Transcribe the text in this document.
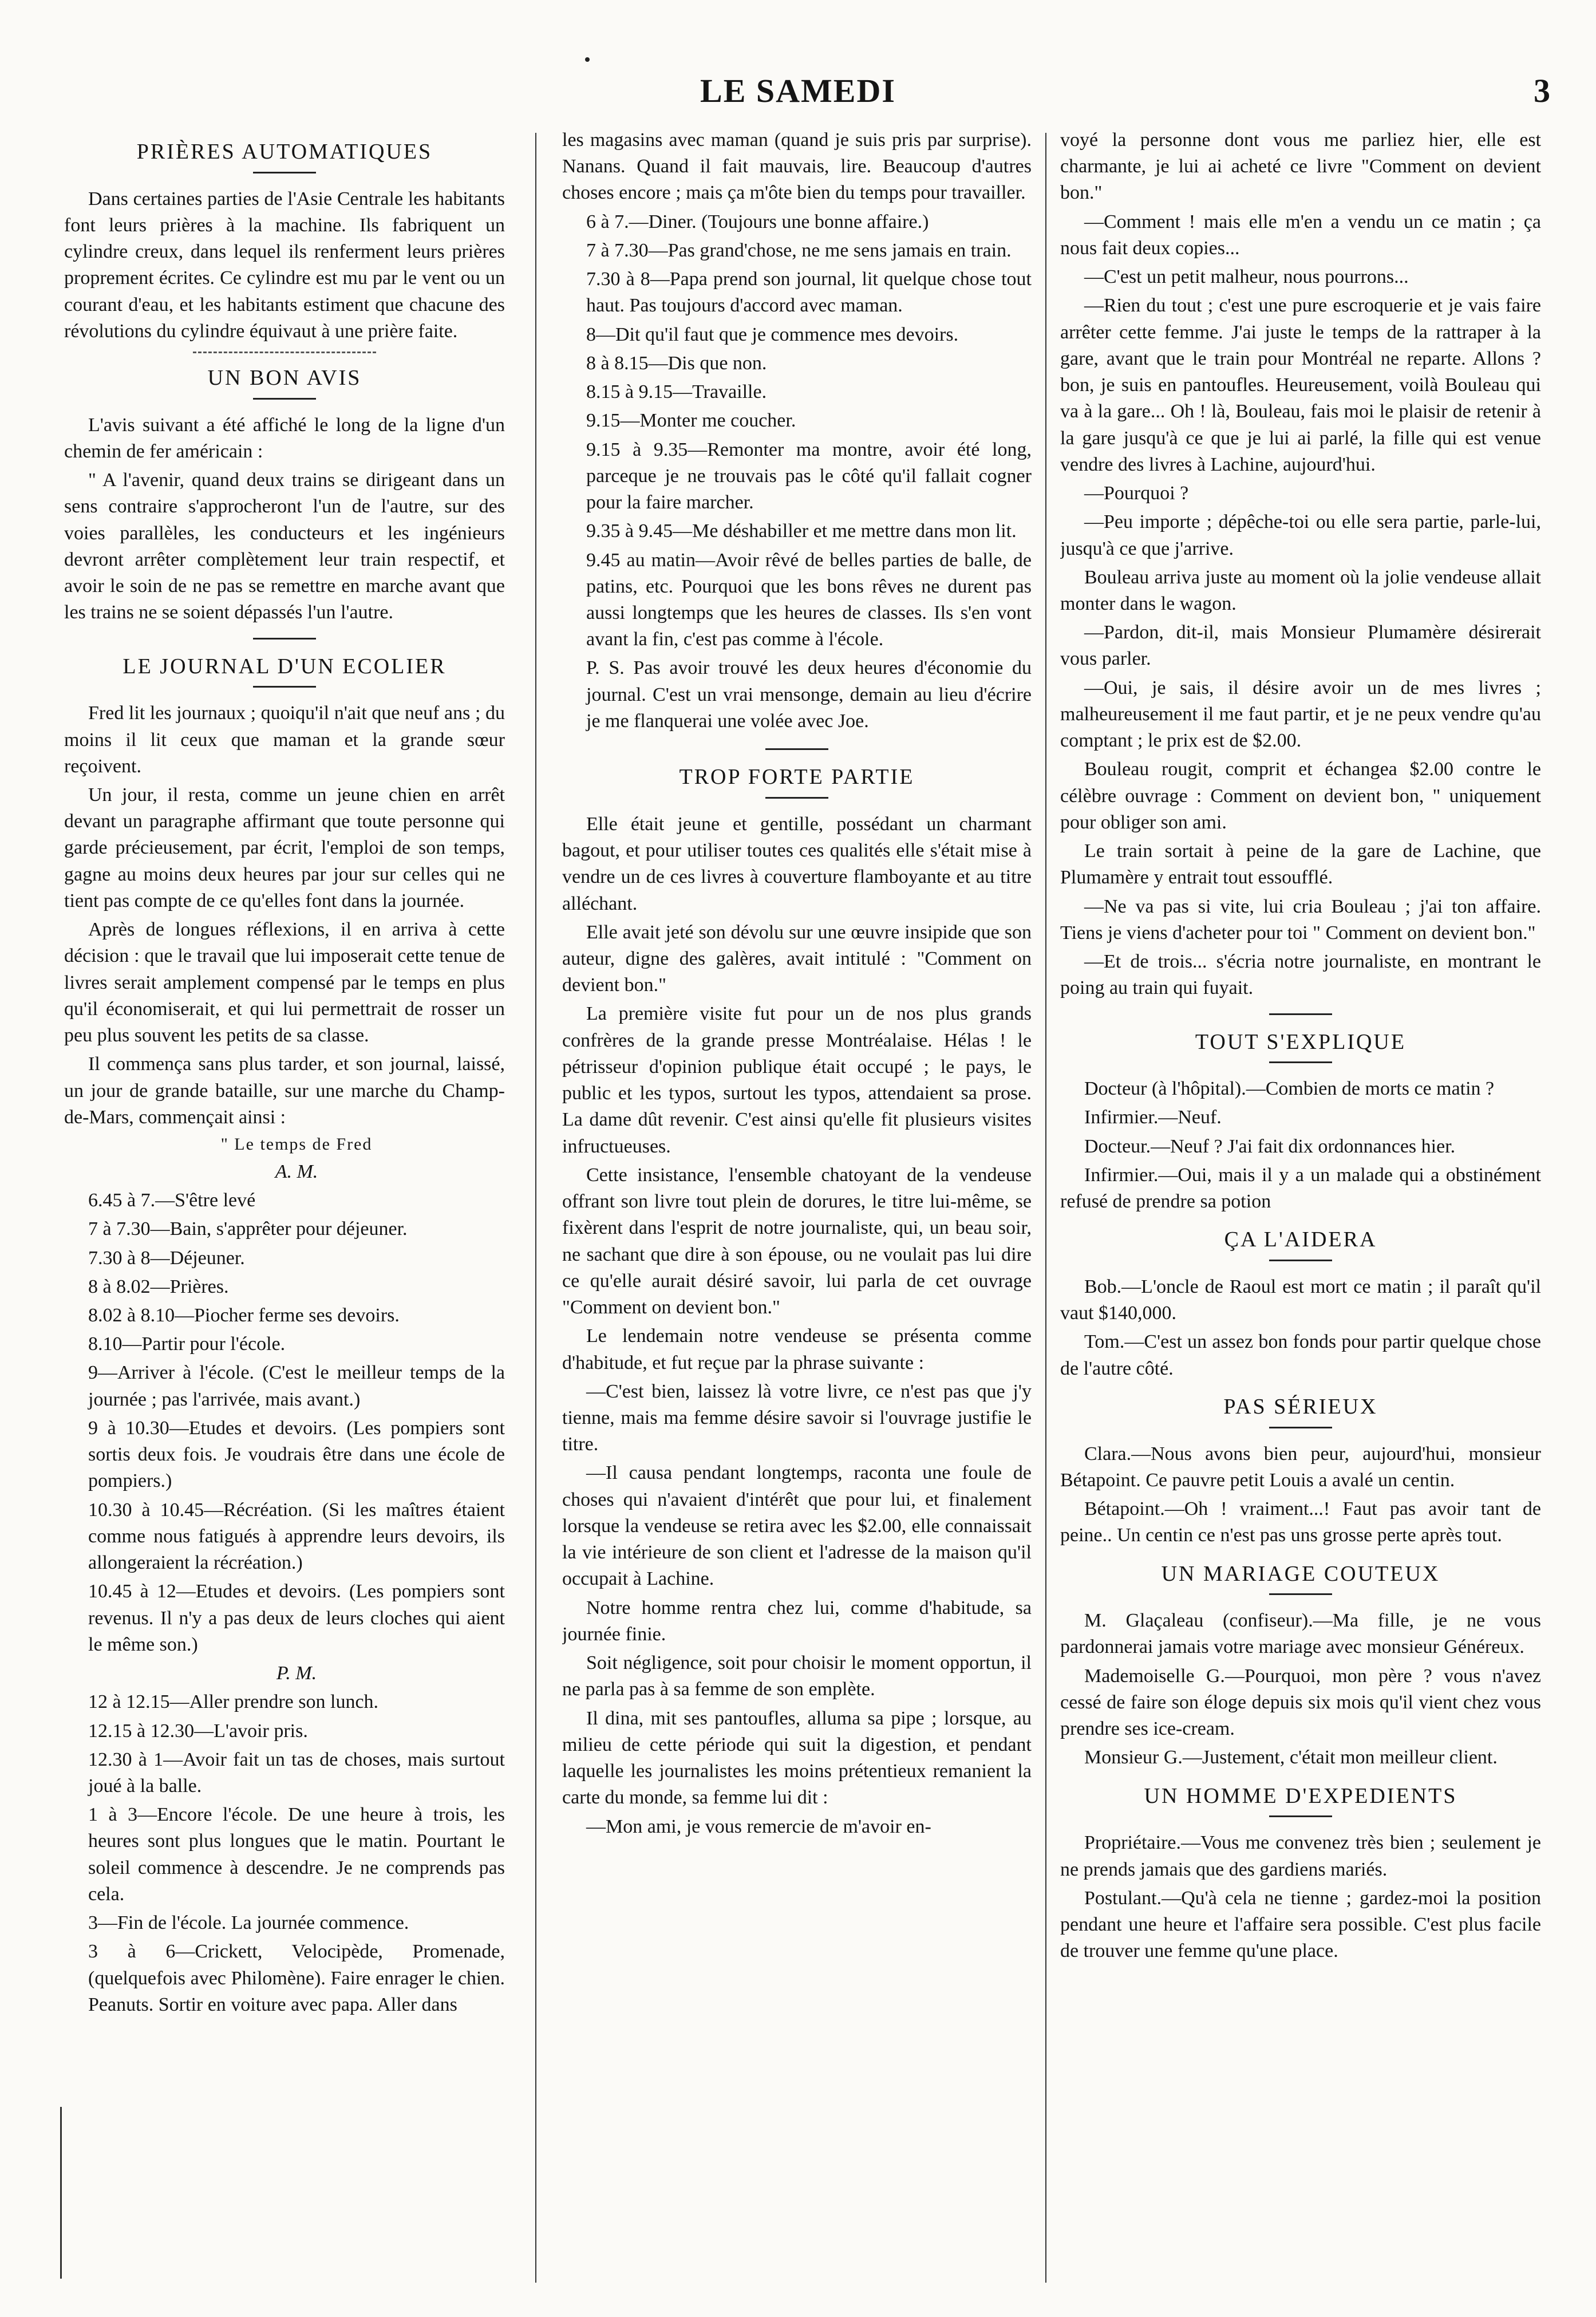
LE SAMEDI	3
PRIÈRES AUTOMATIQUES

Dans certaines parties de l'Asie Centrale les habitants font leurs prières à la machine. Ils fabriquent un cylindre creux, dans lequel ils renferment leurs prières proprement écrites. Ce cylindre est mu par le vent ou un courant d'eau, et les habitants estiment que chacune des révolutions du cylindre équivaut à une prière faite.

UN BON AVIS

L'avis suivant a été affiché le long de la ligne d'un chemin de fer américain :

" A l'avenir, quand deux trains se dirigeant dans un sens contraire s'approcheront l'un de l'autre, sur des voies parallèles, les conducteurs et les ingénieurs devront arrêter complètement leur train respectif, et avoir le soin de ne pas se remettre en marche avant que les trains ne se soient dépassés l'un l'autre.

LE JOURNAL D'UN ECOLIER

Fred lit les journaux ; quoiqu'il n'ait que neuf ans ; du moins il lit ceux que maman et la grande sœur reçoivent.

Un jour, il resta, comme un jeune chien en arrêt devant un paragraphe affirmant que toute personne qui garde précieusement, par écrit, l'emploi de son temps, gagne au moins deux heures par jour sur celles qui ne tient pas compte de ce qu'elles font dans la journée.

Après de longues réflexions, il en arriva à cette décision : que le travail que lui imposerait cette tenue de livres serait amplement compensé par le temps en plus qu'il économiserait, et qui lui permettrait de rosser un peu plus souvent les petits de sa classe.

Il commença sans plus tarder, et son journal, laissé, un jour de grande bataille, sur une marche du Champ-de-Mars, commençait ainsi :

" Le temps de Fred

A. M.

6.45 à 7.—S'être levé

7 à 7.30—Bain, s'apprêter pour déjeuner.

7.30 à 8—Déjeuner.

8 à 8.02—Prières.

8.02 à 8.10—Piocher ferme ses devoirs.

8.10—Partir pour l'école.

9—Arriver à l'école. (C'est le meilleur temps de la journée ; pas l'arrivée, mais avant.)

9 à 10.30—Etudes et devoirs. (Les pompiers sont sortis deux fois. Je voudrais être dans une école de pompiers.)

10.30 à 10.45—Récréation. (Si les maîtres étaient comme nous fatigués à apprendre leurs devoirs, ils allongeraient la récréation.)

10.45 à 12—Etudes et devoirs. (Les pompiers sont revenus. Il n'y a pas deux de leurs cloches qui aient le même son.)

P. M.

12 à 12.15—Aller prendre son lunch.

12.15 à 12.30—L'avoir pris.

12.30 à 1—Avoir fait un tas de choses, mais surtout joué à la balle.

1 à 3—Encore l'école. De une heure à trois, les heures sont plus longues que le matin. Pourtant le soleil commence à descendre. Je ne comprends pas cela.

3—Fin de l'école. La journée commence.

3 à 6—Crickett, Velocipède, Promenade, (quelquefois avec Philomène). Faire enrager le chien. Peanuts. Sortir en voiture avec papa. Aller dans

les magasins avec maman (quand je suis pris par surprise). Nanans. Quand il fait mauvais, lire. Beaucoup d'autres choses encore ; mais ça m'ôte bien du temps pour travailler.

6 à 7.—Diner. (Toujours une bonne affaire.)

7 à 7.30—Pas grand'chose, ne me sens jamais en train.

7.30 à 8—Papa prend son journal, lit quelque chose tout haut. Pas toujours d'accord avec maman.

8—Dit qu'il faut que je commence mes devoirs.

8 à 8.15—Dis que non.

8.15 à 9.15—Travaille.

9.15—Monter me coucher.

9.15 à 9.35—Remonter ma montre, avoir été long, parceque je ne trouvais pas le côté qu'il fallait cogner pour la faire marcher.

9.35 à 9.45—Me déshabiller et me mettre dans mon lit.

9.45 au matin—Avoir rêvé de belles parties de balle, de patins, etc. Pourquoi que les bons rêves ne durent pas aussi longtemps que les heures de classes. Ils s'en vont avant la fin, c'est pas comme à l'école.

P. S. Pas avoir trouvé les deux heures d'économie du journal. C'est un vrai mensonge, demain au lieu d'écrire je me flanquerai une volée avec Joe.

TROP FORTE PARTIE

Elle était jeune et gentille, possédant un charmant bagout, et pour utiliser toutes ces qualités elle s'était mise à vendre un de ces livres à couverture flamboyante et au titre alléchant.

Elle avait jeté son dévolu sur une œuvre insipide que son auteur, digne des galères, avait intitulé : "Comment on devient bon."

La première visite fut pour un de nos plus grands confrères de la grande presse Montréalaise. Hélas ! le pétrisseur d'opinion publique était occupé ; le pays, le public et les typos, surtout les typos, attendaient sa prose. La dame dût revenir. C'est ainsi qu'elle fit plusieurs visites infructueuses.

Cette insistance, l'ensemble chatoyant de la vendeuse offrant son livre tout plein de dorures, le titre lui-même, se fixèrent dans l'esprit de notre journaliste, qui, un beau soir, ne sachant que dire à son épouse, ou ne voulait pas lui dire ce qu'elle aurait désiré savoir, lui parla de cet ouvrage "Comment on devient bon."

Le lendemain notre vendeuse se présenta comme d'habitude, et fut reçue par la phrase suivante :

—C'est bien, laissez là votre livre, ce n'est pas que j'y tienne, mais ma femme désire savoir si l'ouvrage justifie le titre.

—Il causa pendant longtemps, raconta une foule de choses qui n'avaient d'intérêt que pour lui, et finalement lorsque la vendeuse se retira avec les $2.00, elle connaissait la vie intérieure de son client et l'adresse de la maison qu'il occupait à Lachine.

Notre homme rentra chez lui, comme d'habitude, sa journée finie.

Soit négligence, soit pour choisir le moment opportun, il ne parla pas à sa femme de son emplète.

Il dina, mit ses pantoufles, alluma sa pipe ; lorsque, au milieu de cette période qui suit la digestion, et pendant laquelle les journalistes les moins prétentieux remanient la carte du monde, sa femme lui dit :

—Mon ami, je vous remercie de m'avoir en-

voyé la personne dont vous me parliez hier, elle est charmante, je lui ai acheté ce livre "Comment on devient bon."

—Comment ! mais elle m'en a vendu un ce matin ; ça nous fait deux copies...

—C'est un petit malheur, nous pourrons...

—Rien du tout ; c'est une pure escroquerie et je vais faire arrêter cette femme. J'ai juste le temps de la rattraper à la gare, avant que le train pour Montréal ne reparte. Allons ? bon, je suis en pantoufles. Heureusement, voilà Bouleau qui va à la gare... Oh ! là, Bouleau, fais moi le plaisir de retenir à la gare jusqu'à ce que je lui ai parlé, la fille qui est venue vendre des livres à Lachine, aujourd'hui.

—Pourquoi ?

—Peu importe ; dépêche-toi ou elle sera partie, parle-lui, jusqu'à ce que j'arrive.

Bouleau arriva juste au moment où la jolie vendeuse allait monter dans le wagon.

—Pardon, dit-il, mais Monsieur Plumamère désirerait vous parler.

—Oui, je sais, il désire avoir un de mes livres ; malheureusement il me faut partir, et je ne peux vendre qu'au comptant ; le prix est de $2.00.

Bouleau rougit, comprit et échangea $2.00 contre le célèbre ouvrage : Comment on devient bon, " uniquement pour obliger son ami.

Le train sortait à peine de la gare de Lachine, que Plumamère y entrait tout essoufflé.

—Ne va pas si vite, lui cria Bouleau ; j'ai ton affaire. Tiens je viens d'acheter pour toi " Comment on devient bon."

—Et de trois... s'écria notre journaliste, en montrant le poing au train qui fuyait.

TOUT S'EXPLIQUE

Docteur (à l'hôpital).—Combien de morts ce matin ?

Infirmier.—Neuf.

Docteur.—Neuf ? J'ai fait dix ordonnances hier.

Infirmier.—Oui, mais il y a un malade qui a obstinément refusé de prendre sa potion

ÇA L'AIDERA

Bob.—L'oncle de Raoul est mort ce matin ; il paraît qu'il vaut $140,000.

Tom.—C'est un assez bon fonds pour partir quelque chose de l'autre côté.

PAS SÉRIEUX

Clara.—Nous avons bien peur, aujourd'hui, monsieur Bétapoint. Ce pauvre petit Louis a avalé un centin.

Bétapoint.—Oh ! vraiment...! Faut pas avoir tant de peine.. Un centin ce n'est pas uns grosse perte après tout.

UN MARIAGE COUTEUX

M. Glaçaleau (confiseur).—Ma fille, je ne vous pardonnerai jamais votre mariage avec monsieur Généreux.

Mademoiselle G.—Pourquoi, mon père ? vous n'avez cessé de faire son éloge depuis six mois qu'il vient chez vous prendre ses ice-cream.

Monsieur G.—Justement, c'était mon meilleur client.

UN HOMME D'EXPEDIENTS

Propriétaire.—Vous me convenez très bien ; seulement je ne prends jamais que des gardiens mariés.

Postulant.—Qu'à cela ne tienne ; gardez-moi la position pendant une heure et l'affaire sera possible. C'est plus facile de trouver une femme qu'une place.
